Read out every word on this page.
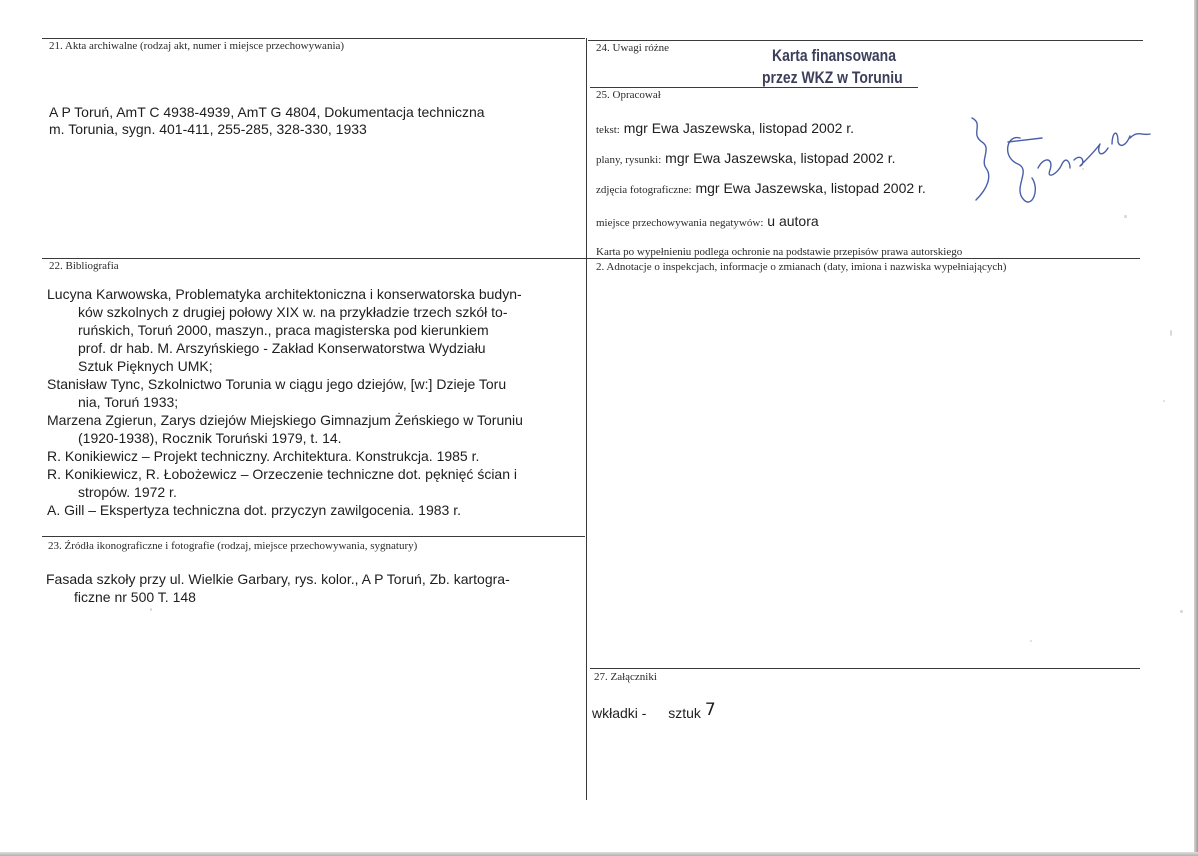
21. Akta archiwalne (rodzaj akt, numer i miejsce przechowywania)
A P Toruń, AmT C 4938-4939, AmT G 4804, Dokumentacja techniczna
m. Torunia, sygn. 401-411, 255-285, 328-330, 1933
22. Bibliografia
Lucyna Karwowska, Problematyka architektoniczna i konserwatorska budyn-
ków szkolnych z drugiej połowy XIX w. na przykładzie trzech szkół to-
ruńskich, Toruń 2000, maszyn., praca magisterska pod kierunkiem
prof. dr hab. M. Arszyńskiego - Zakład Konserwatorstwa Wydziału
Sztuk Pięknych UMK;
Stanisław Tync, Szkolnictwo Torunia w ciągu jego dziejów, [w:] Dzieje Toru
nia, Toruń 1933;
Marzena Zgierun, Zarys dziejów Miejskiego Gimnazjum Żeńskiego w Toruniu
(1920-1938), Rocznik Toruński 1979, t. 14.
R. Konikiewicz – Projekt techniczny. Architektura. Konstrukcja. 1985 r.
R. Konikiewicz, R. Łobożewicz – Orzeczenie techniczne dot. pęknięć ścian i
stropów. 1972 r.
A. Gill – Ekspertyza techniczna dot. przyczyn zawilgocenia. 1983 r.
23. Źródła ikonograficzne i fotografie (rodzaj, miejsce przechowywania, sygnatury)
Fasada szkoły przy ul. Wielkie Garbary, rys. kolor., A P Toruń, Zb. kartogra-
ficzne nr 500 T. 148
24. Uwagi różne	Karta finansowana
przez WKZ w Toruniu
25. Opracował
tekst: mgr Ewa Jaszewska, listopad 2002 r.
plany, rysunki: mgr Ewa Jaszewska, listopad 2002 r.
zdjęcia fotograficzne: mgr Ewa Jaszewska, listopad 2002 r.
miejsce przechowywania negatywów: u autora
Karta po wypełnieniu podlega ochronie na podstawie przepisów prawa autorskiego
2. Adnotacje o inspekcjach, informacje o zmianach (daty, imiona i nazwiska wypełniających)
27. Załączniki
wkładki - sztuk 7
